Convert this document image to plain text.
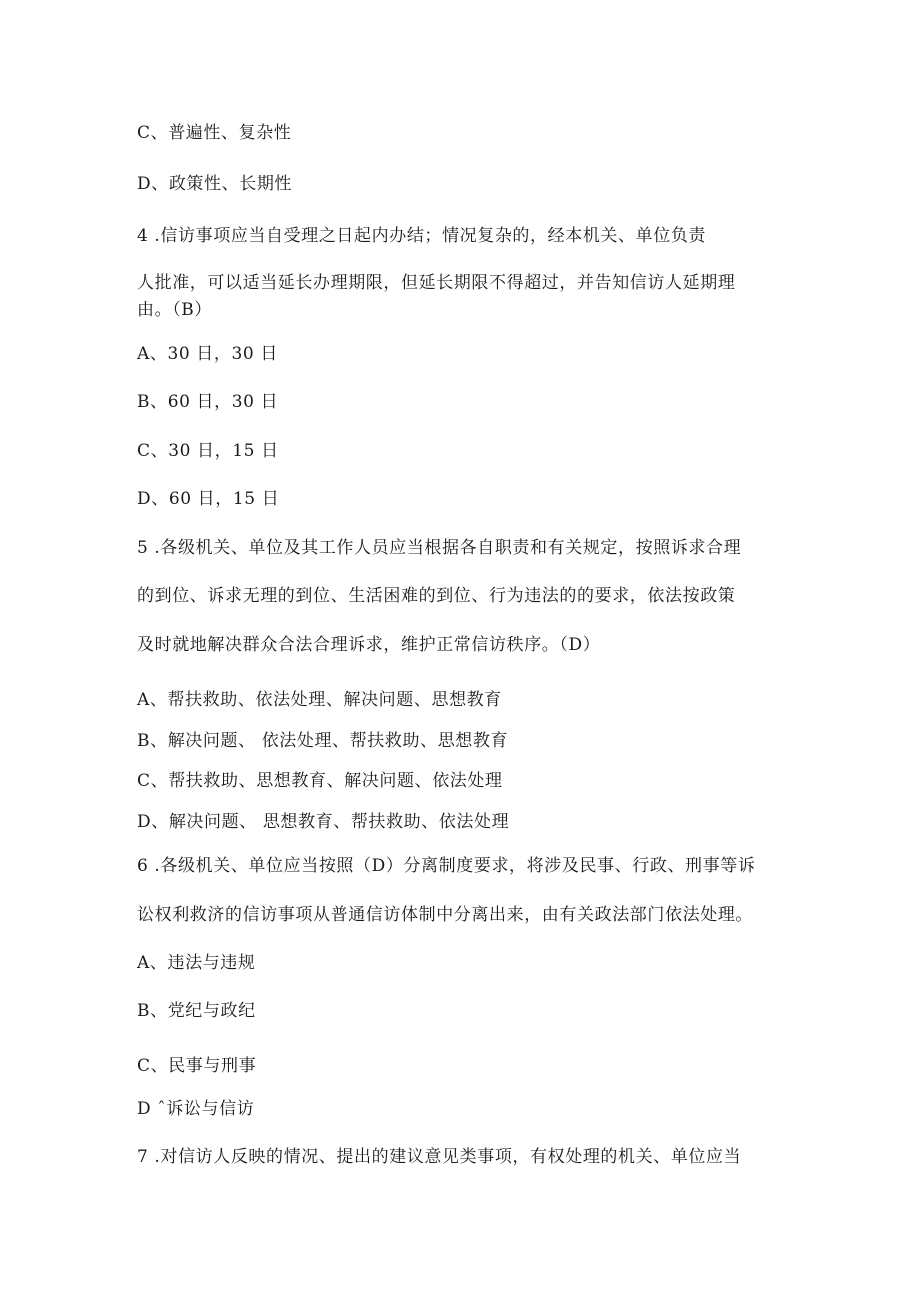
C、普遍性、复杂性
D、政策性、长期性
4 .信访事项应当自受理之日起内办结；情况复杂的，经本机关、单位负责
人批准，可以适当延长办理期限，但延长期限不得超过，并告知信访人延期理
由。（B）
A、30 日，30 日
B、60 日，30 日
C、30 日，15 日
D、60 日，15 日
5 .各级机关、单位及其工作人员应当根据各自职责和有关规定，按照诉求合理
的到位、诉求无理的到位、生活困难的到位、行为违法的的要求，依法按政策
及时就地解决群众合法合理诉求，维护正常信访秩序。（D）
A、帮扶救助、依法处理、解决问题、思想教育
B、解决问题、 依法处理、帮扶救助、思想教育
C、帮扶救助、思想教育、解决问题、依法处理
D、解决问题、 思想教育、帮扶救助、依法处理
6 .各级机关、单位应当按照（D）分离制度要求，将涉及民事、行政、刑事等诉
讼权利救济的信访事项从普通信访体制中分离出来，由有关政法部门依法处理。
A、违法与违规
B、党纪与政纪
C、民事与刑事
D ˆ诉讼与信访
7 .对信访人反映的情况、提出的建议意见类事项，有权处理的机关、单位应当
